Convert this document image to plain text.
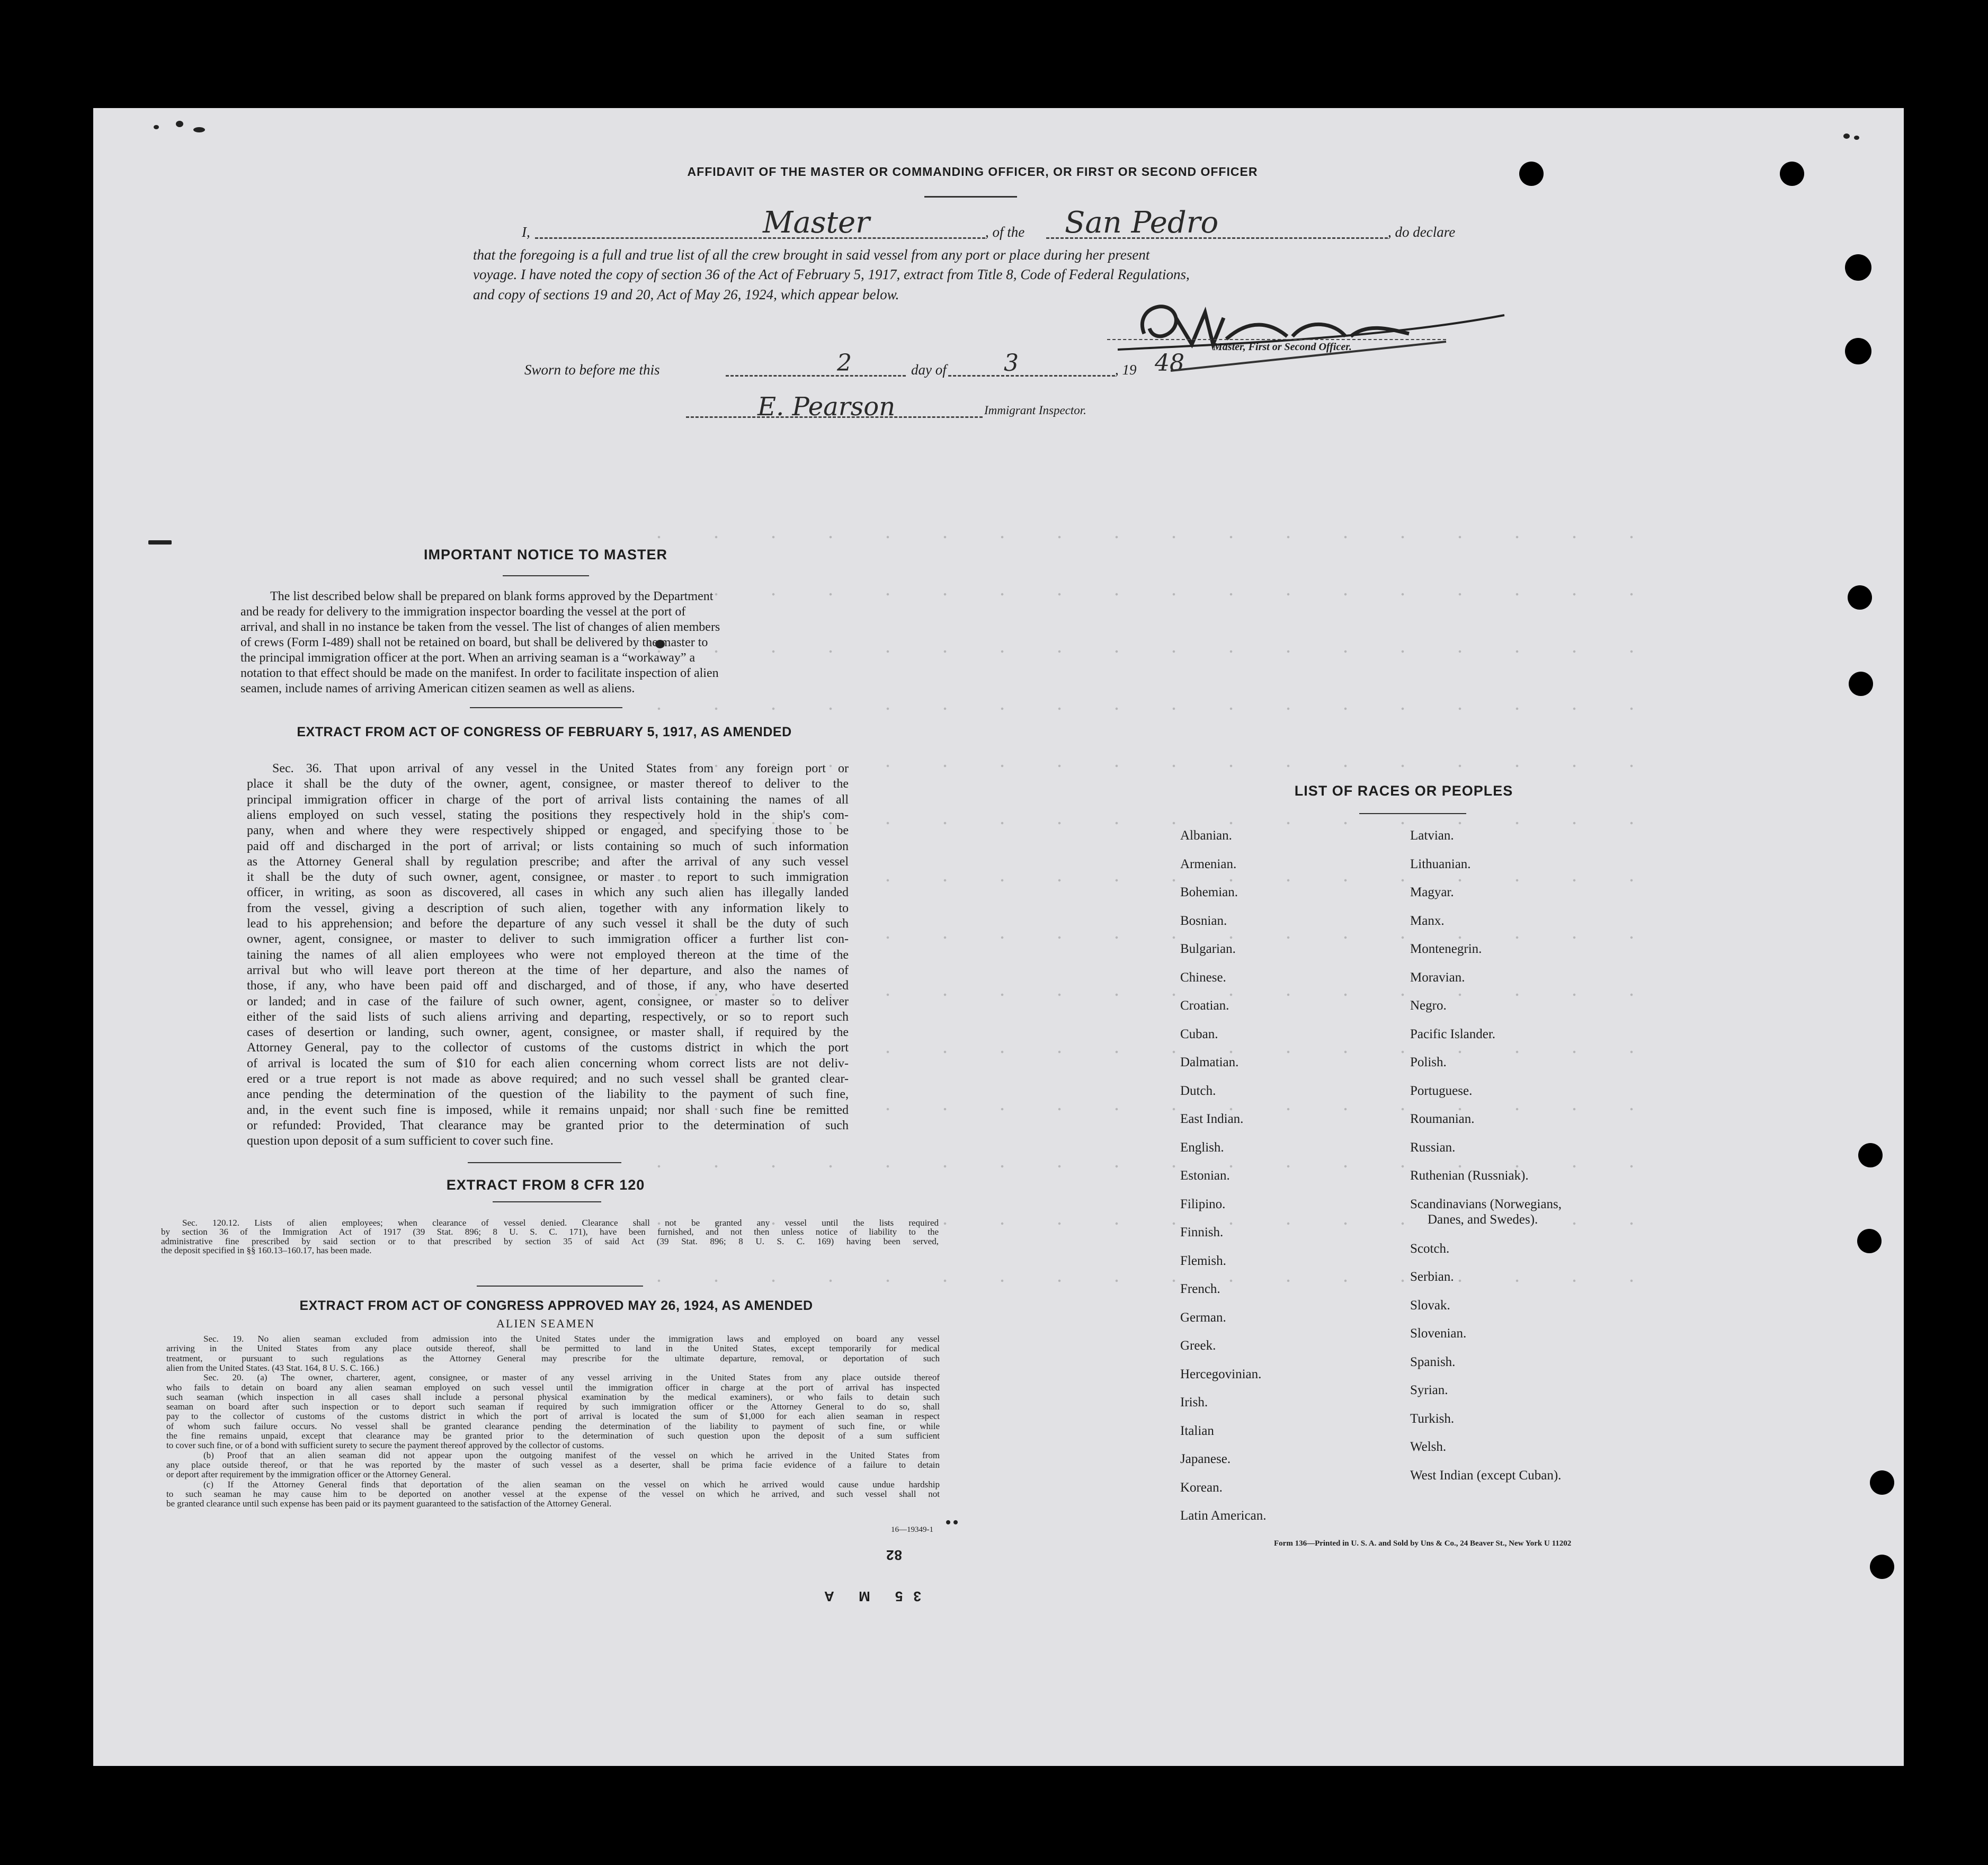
AFFIDAVIT OF THE MASTER OR COMMANDING OFFICER, OR FIRST OR SECOND OFFICER
I,	Master	, of the San Pedro	, do declare
that the foregoing is a full and true list of all the crew brought in said vessel from any port or place during her present
voyage. I have noted the copy of section 36 of the Act of February 5, 1917, extract from Title 8, Code of Federal Regulations,
and copy of sections 19 and 20, Act of May 26, 1924, which appear below.
Master, First or Second Officer.
Sworn to before me this	2	day of 3	, 19 48
E. Pearson	Immigrant Inspector.
IMPORTANT NOTICE TO MASTER
The list described below shall be prepared on blank forms approved by the Department
and be ready for delivery to the immigration inspector boarding the vessel at the port of
arrival, and shall in no instance be taken from the vessel. The list of changes of alien members
of crews (Form I-489) shall not be retained on board, but shall be delivered by the master to
the principal immigration officer at the port. When an arriving seaman is a “workaway” a
notation to that effect should be made on the manifest. In order to facilitate inspection of alien
seamen, include names of arriving American citizen seamen as well as aliens.
EXTRACT FROM ACT OF CONGRESS OF FEBRUARY 5, 1917, AS AMENDED
Sec. 36. That upon arrival of any vessel in the United States from any foreign port or
place it shall be the duty of the owner, agent, consignee, or master thereof to deliver to the
principal immigration officer in charge of the port of arrival lists containing the names of all
aliens employed on such vessel, stating the positions they respectively hold in the ship's com-
pany, when and where they were respectively shipped or engaged, and specifying those to be
paid off and discharged in the port of arrival; or lists containing so much of such information
as the Attorney General shall by regulation prescribe; and after the arrival of any such vessel
it shall be the duty of such owner, agent, consignee, or master to report to such immigration
officer, in writing, as soon as discovered, all cases in which any such alien has illegally landed
from the vessel, giving a description of such alien, together with any information likely to
lead to his apprehension; and before the departure of any such vessel it shall be the duty of such
owner, agent, consignee, or master to deliver to such immigration officer a further list con-
taining the names of all alien employees who were not employed thereon at the time of the
arrival but who will leave port thereon at the time of her departure, and also the names of
those, if any, who have been paid off and discharged, and of those, if any, who have deserted
or landed; and in case of the failure of such owner, agent, consignee, or master so to deliver
either of the said lists of such aliens arriving and departing, respectively, or so to report such
cases of desertion or landing, such owner, agent, consignee, or master shall, if required by the
Attorney General, pay to the collector of customs of the customs district in which the port
of arrival is located the sum of $10 for each alien concerning whom correct lists are not deliv-
ered or a true report is not made as above required; and no such vessel shall be granted clear-
ance pending the determination of the question of the liability to the payment of such fine,
and, in the event such fine is imposed, while it remains unpaid; nor shall such fine be remitted
or refunded: Provided, That clearance may be granted prior to the determination of such
question upon deposit of a sum sufficient to cover such fine.
EXTRACT FROM 8 CFR 120
Sec. 120.12. Lists of alien employees; when clearance of vessel denied. Clearance shall not be granted any vessel until the lists required
by section 36 of the Immigration Act of 1917 (39 Stat. 896; 8 U. S. C. 171), have been furnished, and not then unless notice of liability to the
administrative fine prescribed by said section or to that prescribed by section 35 of said Act (39 Stat. 896; 8 U. S. C. 169) having been served,
the deposit specified in §§ 160.13–160.17, has been made.
EXTRACT FROM ACT OF CONGRESS APPROVED MAY 26, 1924, AS AMENDED
ALIEN SEAMEN
Sec. 19. No alien seaman excluded from admission into the United States under the immigration laws and employed on board any vessel
arriving in the United States from any place outside thereof, shall be permitted to land in the United States, except temporarily for medical
treatment, or pursuant to such regulations as the Attorney General may prescribe for the ultimate departure, removal, or deportation of such
alien from the United States. (43 Stat. 164, 8 U. S. C. 166.)
Sec. 20. (a) The owner, charterer, agent, consignee, or master of any vessel arriving in the United States from any place outside thereof
who fails to detain on board any alien seaman employed on such vessel until the immigration officer in charge at the port of arrival has inspected
such seaman (which inspection in all cases shall include a personal physical examination by the medical examiners), or who fails to detain such
seaman on board after such inspection or to deport such seaman if required by such immigration officer or the Attorney General to do so, shall
pay to the collector of customs of the customs district in which the port of arrival is located the sum of $1,000 for each alien seaman in respect
of whom such failure occurs. No vessel shall be granted clearance pending the determination of the liability to payment of such fine, or while
the fine remains unpaid, except that clearance may be granted prior to the determination of such question upon the deposit of a sum sufficient
to cover such fine, or of a bond with sufficient surety to secure the payment thereof approved by the collector of customs.
(b) Proof that an alien seaman did not appear upon the outgoing manifest of the vessel on which he arrived in the United States from
any place outside thereof, or that he was reported by the master of such vessel as a deserter, shall be prima facie evidence of a failure to detain
or deport after requirement by the immigration officer or the Attorney General.
(c) If the Attorney General finds that deportation of the alien seaman on the vessel on which he arrived would cause undue hardship
to such seaman he may cause him to be deported on another vessel at the expense of the vessel on which he arrived, and such vessel shall not
be granted clearance until such expense has been paid or its payment guaranteed to the satisfaction of the Attorney General.
16—19349-1
82
35 M A
LIST OF RACES OR PEOPLES
Albanian.
Armenian.
Bohemian.
Bosnian.
Bulgarian.
Chinese.
Croatian.
Cuban.
Dalmatian.
Dutch.
East Indian.
English.
Estonian.
Filipino.
Finnish.
Flemish.
French.
German.
Greek.
Hercegovinian.
Irish.
Italian
Japanese.
Korean.
Latin American.
Latvian.
Lithuanian.
Magyar.
Manx.
Montenegrin.
Moravian.
Negro.
Pacific Islander.
Polish.
Portuguese.
Roumanian.
Russian.
Ruthenian (Russniak).
Scandinavians (Norwegians,
Danes, and Swedes).
Scotch.
Serbian.
Slovak.
Slovenian.
Spanish.
Syrian.
Turkish.
Welsh.
West Indian (except Cuban).
Form 136—Printed in U. S. A. and Sold by Uns & Co., 24 Beaver St., New York U 11202
